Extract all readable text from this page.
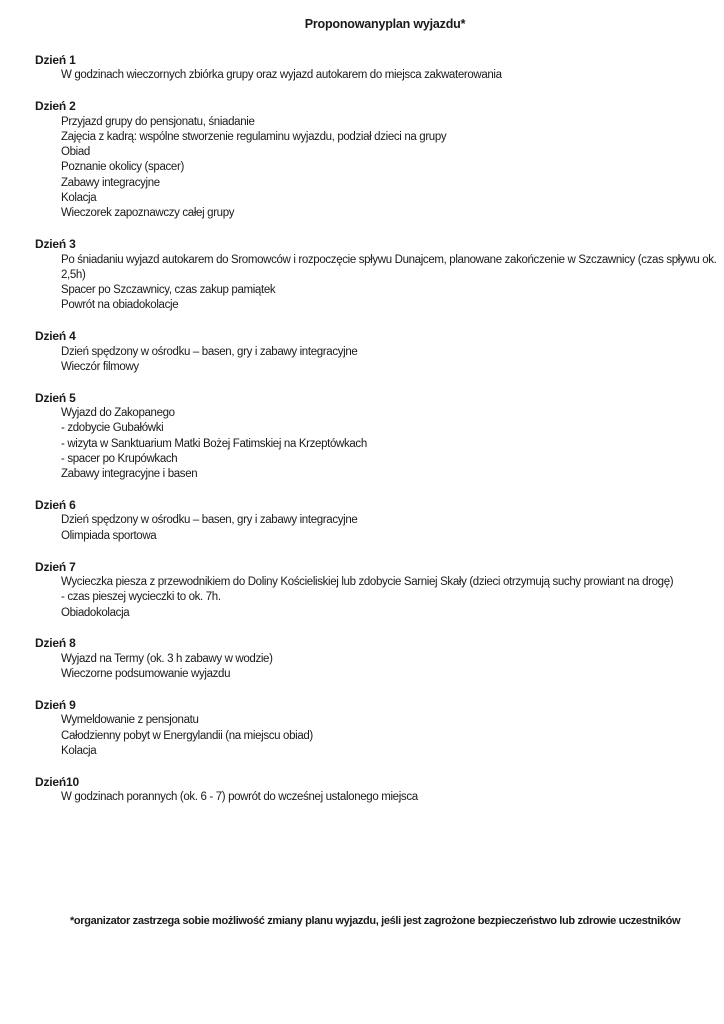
Proponowanyplan wyjazdu*
Dzień 1
W godzinach wieczornych zbiórka grupy oraz wyjazd autokarem do miejsca zakwaterowania
Dzień 2
Przyjazd grupy do pensjonatu, śniadanie
Zajęcia z kadrą: wspólne stworzenie regulaminu wyjazdu, podział dzieci na grupy
Obiad
Poznanie okolicy (spacer)
Zabawy integracyjne
Kolacja
Wieczorek zapoznawczy całej grupy
Dzień 3
Po śniadaniu wyjazd autokarem do Sromowców i rozpoczęcie spływu Dunajcem, planowane zakończenie w Szczawnicy (czas spływu ok. 2,5h)
Spacer po Szczawnicy, czas zakup pamiątek
Powrót na obiadokolacje
Dzień 4
Dzień spędzony w ośrodku – basen, gry i zabawy integracyjne
Wieczór filmowy
Dzień 5
Wyjazd do Zakopanego
- zdobycie Gubałówki
- wizyta w Sanktuarium Matki Bożej Fatimskiej na Krzeptówkach
- spacer po Krupówkach
Zabawy integracyjne i basen
Dzień 6
Dzień spędzony w ośrodku – basen, gry i zabawy integracyjne
Olimpiada sportowa
Dzień 7
Wycieczka piesza z przewodnikiem do Doliny Kościeliskiej lub zdobycie Sarniej Skały (dzieci otrzymują suchy prowiant na drogę)
- czas pieszej wycieczki to ok. 7h.
Obiadokolacja
Dzień 8
Wyjazd na Termy (ok. 3 h zabawy w wodzie)
Wieczorne podsumowanie wyjazdu
Dzień 9
Wymeldowanie z pensjonatu
Całodzienny pobyt w Energylandii (na miejscu obiad)
Kolacja
Dzień10
W godzinach porannych (ok. 6 - 7) powrót do wcześnej ustalonego miejsca
*organizator zastrzega sobie możliwość zmiany planu wyjazdu, jeśli jest zagrożone bezpieczeństwo lub zdrowie uczestników
